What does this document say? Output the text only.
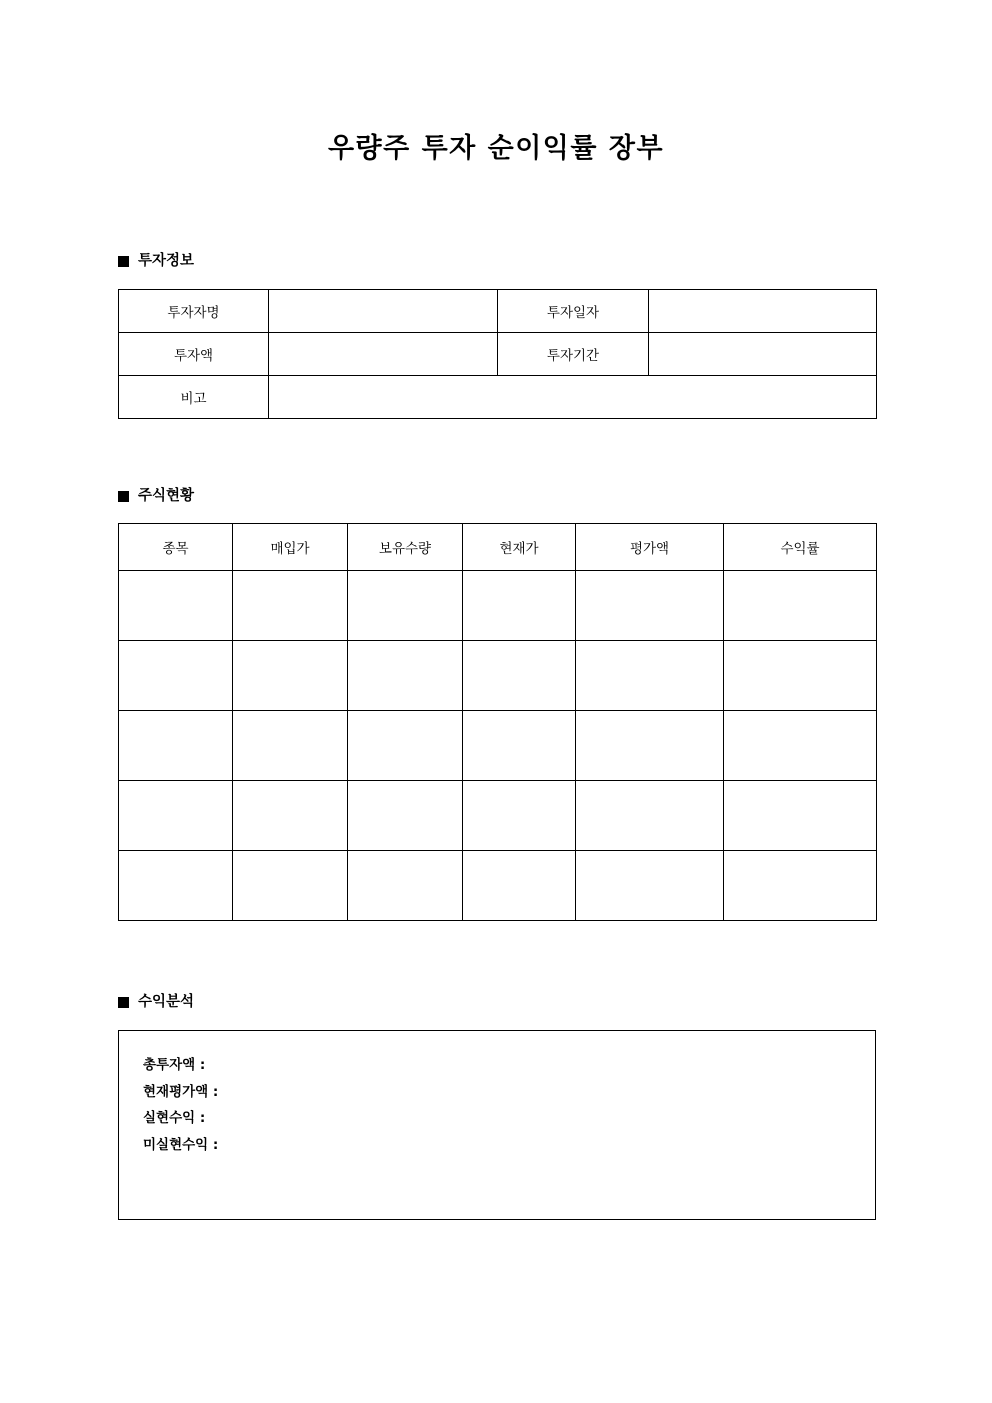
우량주 투자 순이익률 장부
투자정보
투자자명		투자일자	
투자액		투자기간	
비고			
주식현황
종목	매입가	보유수량	현재가	평가액	수익률

수익분석
총투자액 :
현재평가액 :
실현수익 :
미실현수익 :
